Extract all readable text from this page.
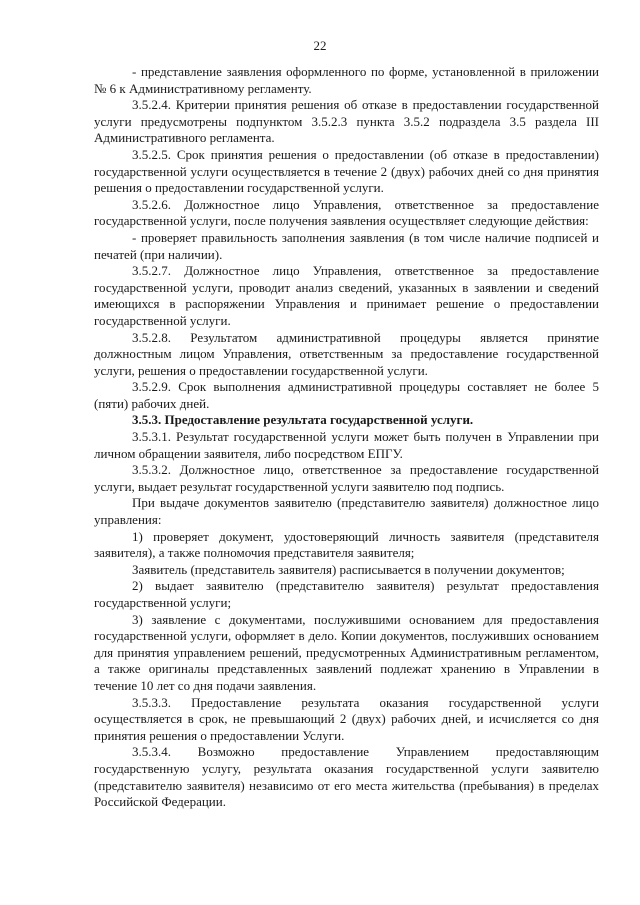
22

- представление заявления оформленного по форме, установленной в приложении № 6 к Административному регламенту.

3.5.2.4. Критерии принятия решения об отказе в предоставлении государственной услуги предусмотрены подпунктом 3.5.2.3 пункта 3.5.2 подраздела 3.5 раздела III Административного регламента.

3.5.2.5. Срок принятия решения о предоставлении (об отказе в предоставлении) государственной услуги осуществляется в течение 2 (двух) рабочих дней со дня принятия решения о предоставлении государственной услуги.

3.5.2.6. Должностное лицо Управления, ответственное за предоставление государственной услуги, после получения заявления осуществляет следующие действия:

- проверяет правильность заполнения заявления (в том числе наличие подписей и печатей (при наличии).

3.5.2.7. Должностное лицо Управления, ответственное за предоставление государственной услуги, проводит анализ сведений, указанных в заявлении и сведений имеющихся в распоряжении Управления и принимает решение о предоставлении государственной услуги.

3.5.2.8. Результатом административной процедуры является принятие должностным лицом Управления, ответственным за предоставление государственной услуги, решения о предоставлении государственной услуги.

3.5.2.9. Срок выполнения административной процедуры составляет не более 5 (пяти) рабочих дней.

3.5.3. Предоставление результата государственной услуги.

3.5.3.1. Результат государственной услуги может быть получен в Управлении при личном обращении заявителя, либо посредством ЕПГУ.

3.5.3.2. Должностное лицо, ответственное за предоставление государственной услуги, выдает результат государственной услуги заявителю под подпись.

При выдаче документов заявителю (представителю заявителя) должностное лицо управления:

1) проверяет документ, удостоверяющий личность заявителя (представителя заявителя), а также полномочия представителя заявителя;

Заявитель (представитель заявителя) расписывается в получении документов;

2) выдает заявителю (представителю заявителя) результат предоставления государственной услуги;

3) заявление с документами, послужившими основанием для предоставления государственной услуги, оформляет в дело. Копии документов, послуживших основанием для принятия управлением решений, предусмотренных Административным регламентом, а также оригиналы представленных заявлений подлежат хранению в Управлении в течение 10 лет со дня подачи заявления.

3.5.3.3. Предоставление результата оказания государственной услуги осуществляется в срок, не превышающий 2 (двух) рабочих дней, и исчисляется со дня принятия решения о предоставлении Услуги.

3.5.3.4. Возможно предоставление Управлением предоставляющим государственную услугу, результата оказания государственной услуги заявителю (представителю заявителя) независимо от его места жительства (пребывания) в пределах Российской Федерации.
